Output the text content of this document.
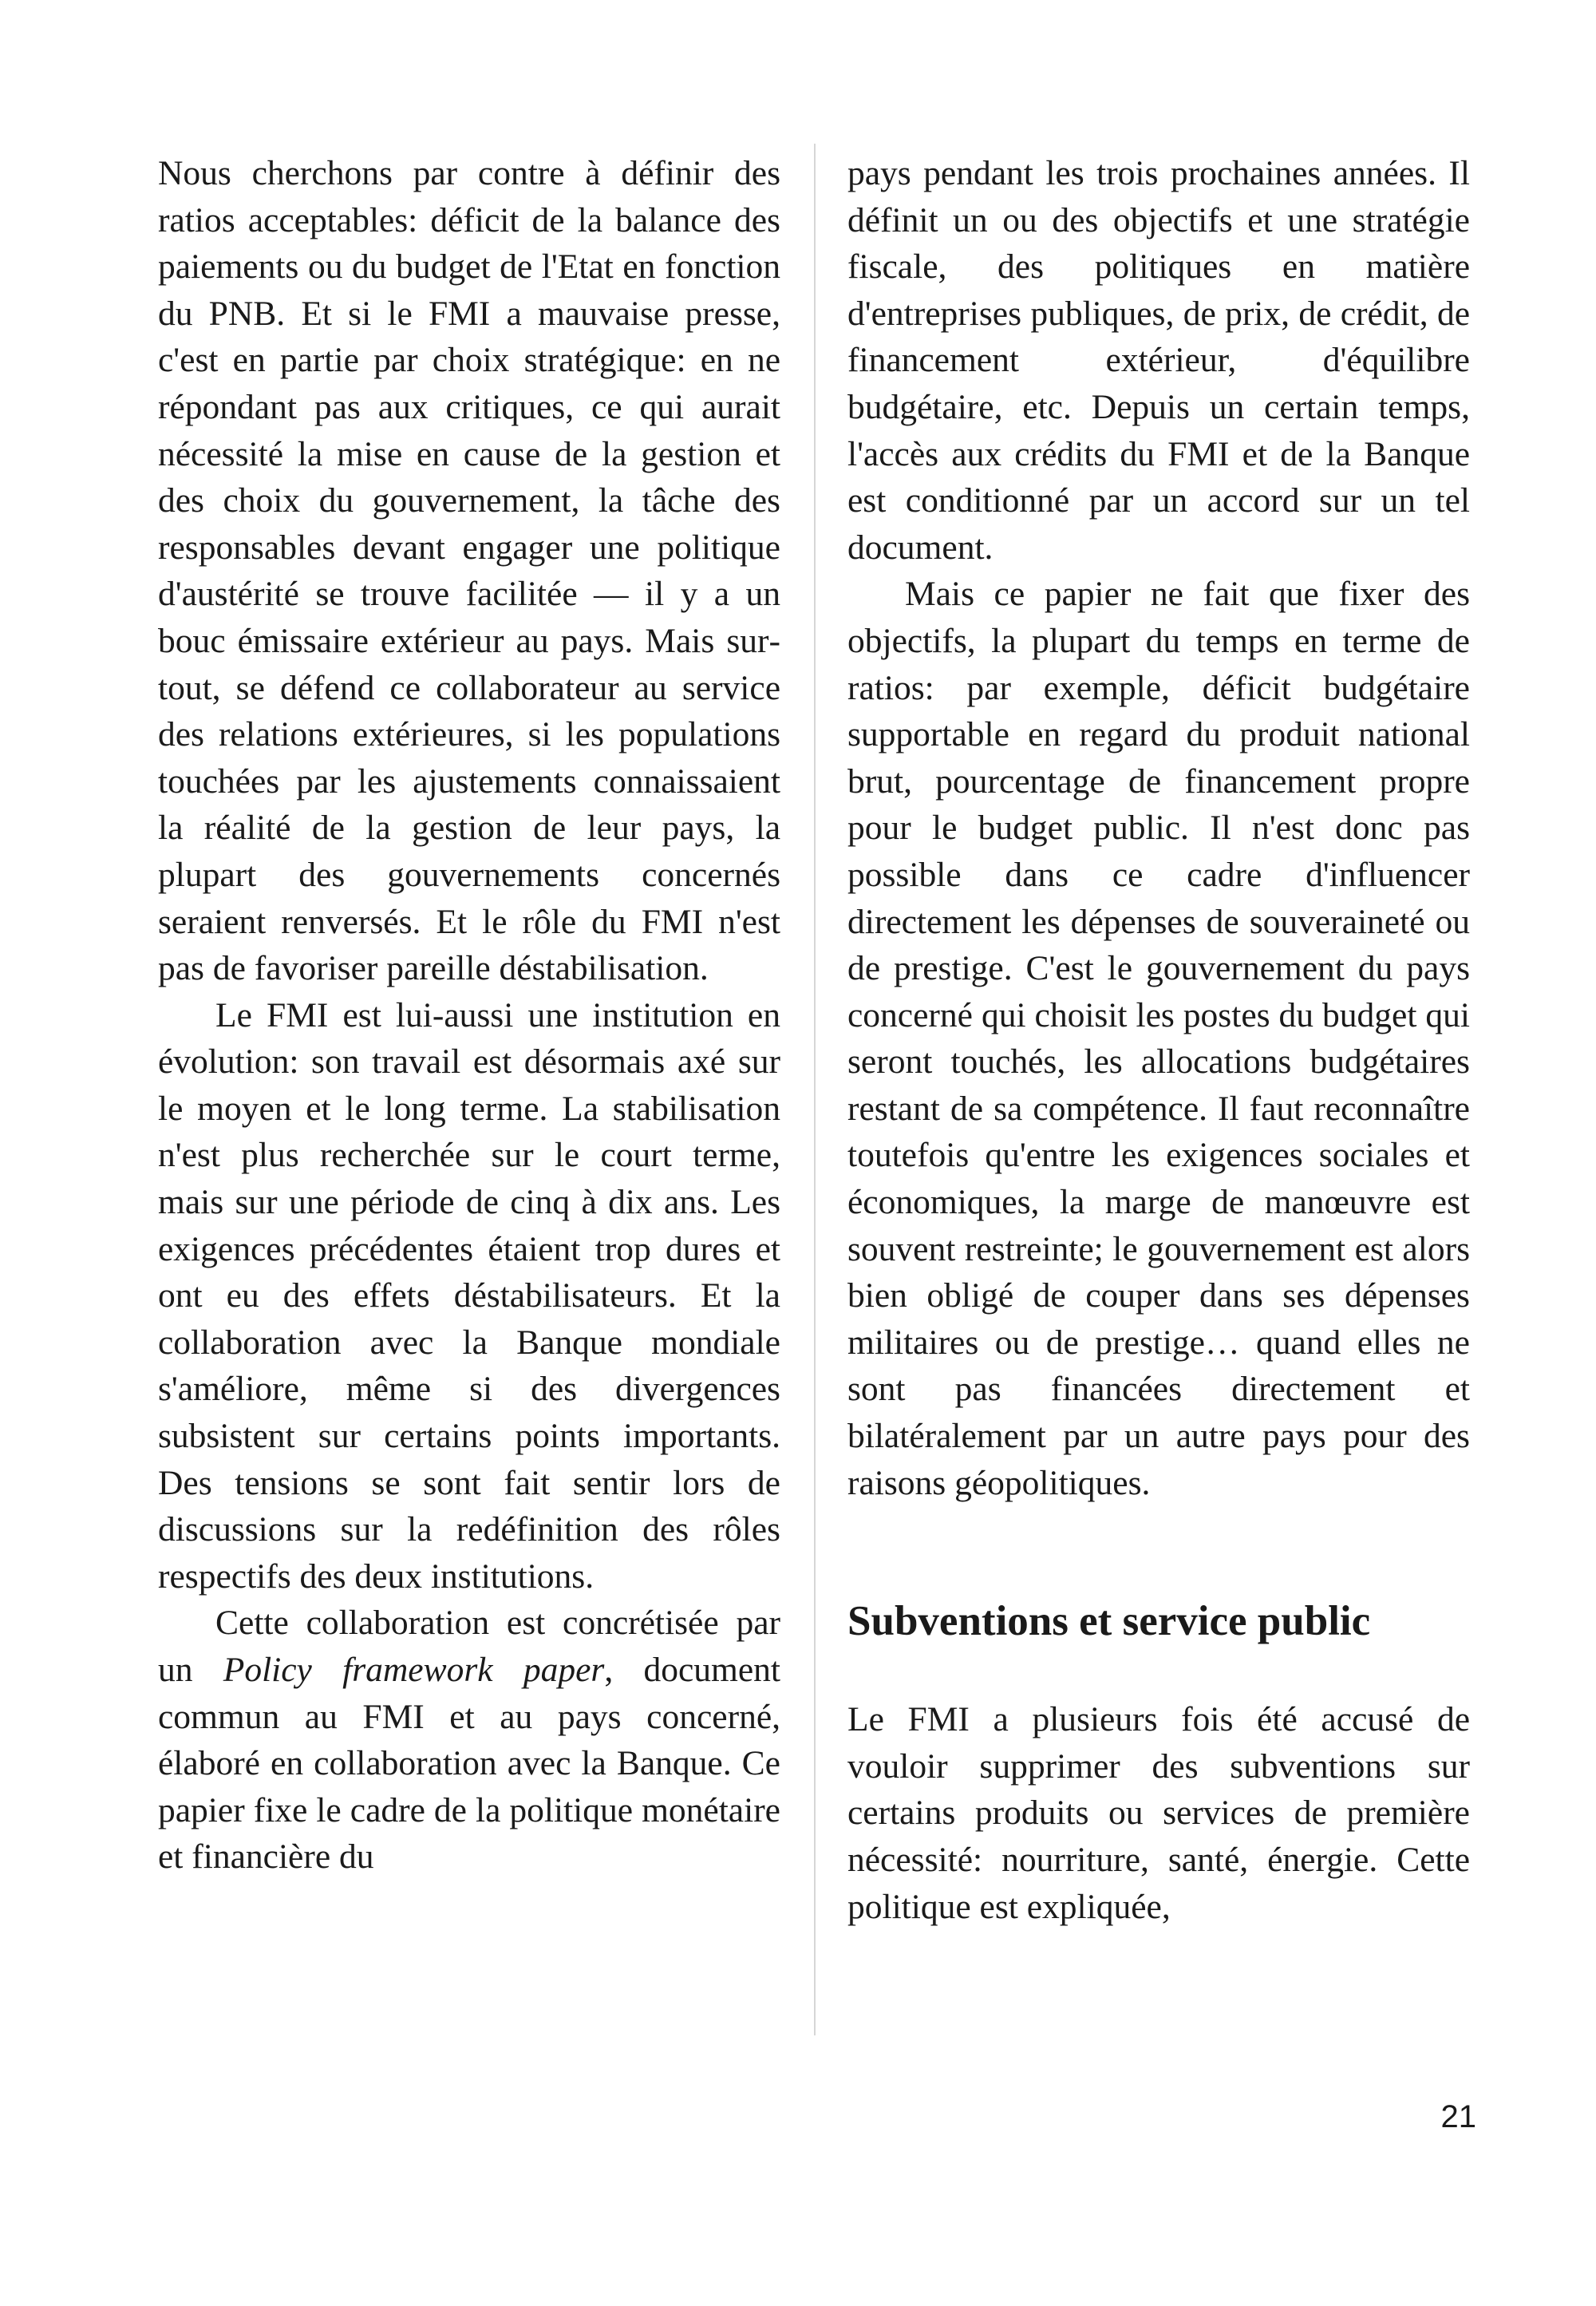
Nous cherchons par contre à définir des ratios acceptables: déficit de la balance des paiements ou du budget de l'Etat en fonction du PNB. Et si le FMI a mauvaise presse, c'est en partie par choix stratégique: en ne répondant pas aux critiques, ce qui aurait nécessité la mise en cause de la gestion et des choix du gouvernement, la tâche des responsables devant engager une politique d'austérité se trouve facilitée — il y a un bouc émissaire extérieur au pays. Mais surtout, se défend ce collaborateur au service des relations extérieures, si les populations touchées par les ajustements connaissaient la réalité de la gestion de leur pays, la plupart des gouvernements concernés seraient renversés. Et le rôle du FMI n'est pas de favoriser pareille déstabilisation.

Le FMI est lui-aussi une institution en évolution: son travail est désormais axé sur le moyen et le long terme. La stabilisation n'est plus recherchée sur le court terme, mais sur une période de cinq à dix ans. Les exigences précédentes étaient trop dures et ont eu des effets déstabilisateurs. Et la collaboration avec la Banque mondiale s'améliore, même si des divergences subsistent sur certains points importants. Des tensions se sont fait sentir lors de discussions sur la redéfinition des rôles respectifs des deux institutions.

Cette collaboration est concrétisée par un Policy framework paper, document commun au FMI et au pays concerné, élaboré en collaboration avec la Banque. Ce papier fixe le cadre de la politique monétaire et financière du

pays pendant les trois prochaines années. Il définit un ou des objectifs et une stratégie fiscale, des politiques en matière d'entreprises publiques, de prix, de crédit, de financement extérieur, d'équilibre budgétaire, etc. Depuis un certain temps, l'accès aux crédits du FMI et de la Banque est conditionné par un accord sur un tel document.

Mais ce papier ne fait que fixer des objectifs, la plupart du temps en terme de ratios: par exemple, déficit budgétaire supportable en regard du produit national brut, pourcentage de financement propre pour le budget public. Il n'est donc pas possible dans ce cadre d'influencer directement les dépenses de souveraineté ou de prestige. C'est le gouvernement du pays concerné qui choisit les postes du budget qui seront touchés, les allocations budgétaires restant de sa compétence. Il faut reconnaître toutefois qu'entre les exigences sociales et économiques, la marge de manœuvre est souvent restreinte; le gouvernement est alors bien obligé de couper dans ses dépenses militaires ou de prestige… quand elles ne sont pas financées directement et bilatéralement par un autre pays pour des raisons géopolitiques.

Subventions et service public

Le FMI a plusieurs fois été accusé de vouloir supprimer des subventions sur certains produits ou services de première nécessité: nourriture, santé, énergie. Cette politique est expliquée,

21
